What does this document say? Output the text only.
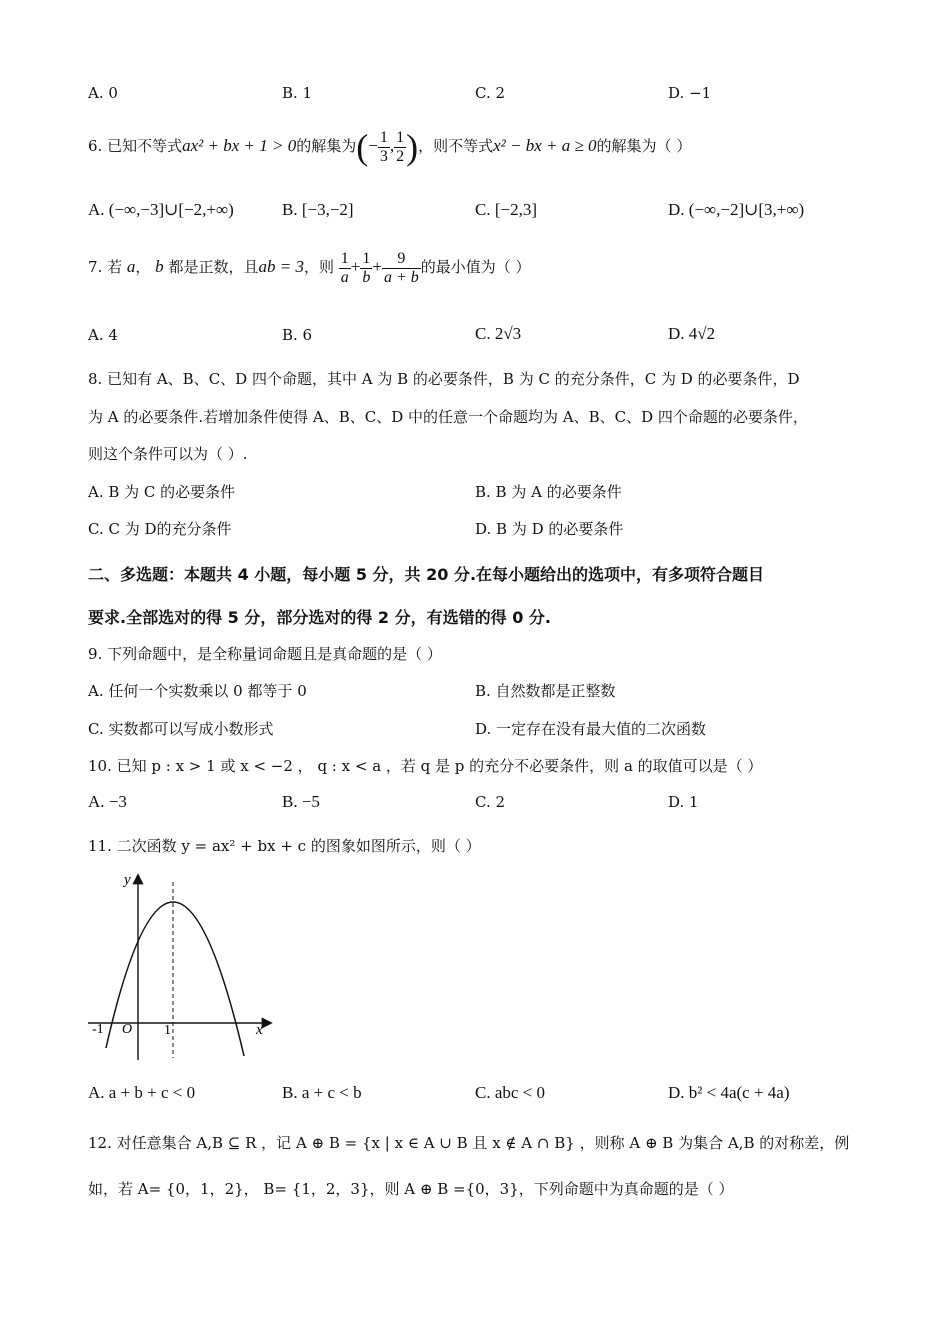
A. 0	B. 1	C. 2	D. −1
6. 已知不等式ax² + bx + 1 > 0的解集为(− $\frac{1}{3}$ , $\frac{1}{2}$ )，则不等式x² − bx + a ≥ 0的解集为（ ）
A. (−∞,−3]∪[−2,+∞)	B. [−3,−2]	C. [−2,3]	D. (−∞,−2]∪[3,+∞)
7. 若 a， b 都是正数，且ab = 3，则 $\frac{1}{a} + \frac{1}{b} + \frac{9}{a + b}$ 的最小值为（ ）
A. 4	B. 6	C. 2√3	D. 4√2
8. 已知有 A、B、C、D 四个命题，其中 A 为 B 的必要条件，B 为 C 的充分条件，C 为 D 的必要条件，D
为 A 的必要条件.若增加条件使得 A、B、C、D 中的任意一个命题均为 A、B、C、D 四个命题的必要条件，
则这个条件可以为（ ）.
A. B 为 C 的必要条件	B. B 为 A 的必要条件
C. C 为 D的充分条件	D. B 为 D 的必要条件
二、多选题：本题共 4 小题，每小题 5 分，共 20 分.在每小题给出的选项中，有多项符合题目
要求.全部选对的得 5 分，部分选对的得 2 分，有选错的得 0 分.
9. 下列命题中，是全称量词命题且是真命题的是（ ）
A. 任何一个实数乘以 0 都等于 0	B. 自然数都是正整数
C. 实数都可以写成小数形式	D. 一定存在没有最大值的二次函数
10. 已知 p : x > 1 或 x < −2 ， q : x < a ，若 q 是 p 的充分不必要条件，则 a 的取值可以是（ ）
A. −3	B. −5	C. 2	D. 1
11. 二次函数 y = ax² + bx + c 的图象如图所示，则（ ）
y
x
O
-1	1
A. a + b + c < 0	B. a + c < b	C. abc < 0	D. b² < 4a(c + 4a)
12. 对任意集合 A,B ⊆ R ，记 A ⊕ B = {x | x ∈ A ∪ B 且 x ∉ A ∩ B} ，则称 A ⊕ B 为集合 A,B 的对称差，例
如，若 A= {0，1，2}， B= {1，2，3}，则 A ⊕ B ={0，3}，下列命题中为真命题的是（ ）
